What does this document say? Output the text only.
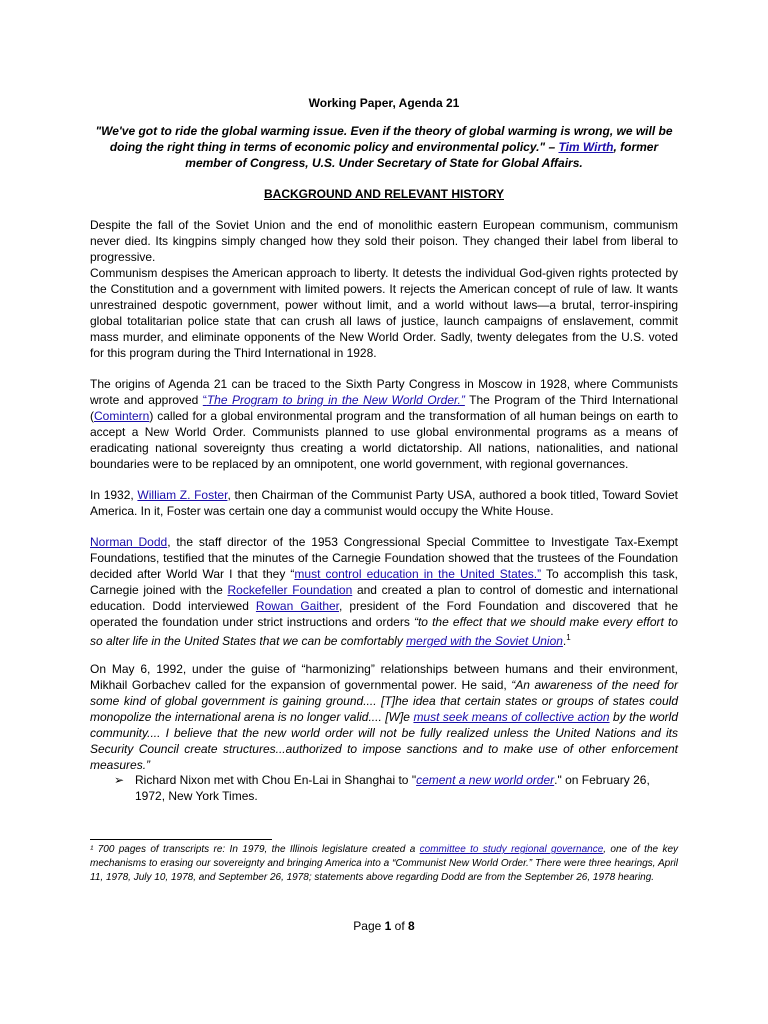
Working Paper, Agenda 21

"We've got to ride the global warming issue. Even if the theory of global warming is wrong, we will be doing the right thing in terms of economic policy and environmental policy." – Tim Wirth, former member of Congress, U.S. Under Secretary of State for Global Affairs.

BACKGROUND AND RELEVANT HISTORY

Despite the fall of the Soviet Union and the end of monolithic eastern European communism, communism never died. Its kingpins simply changed how they sold their poison. They changed their label from liberal to progressive.

Communism despises the American approach to liberty. It detests the individual God-given rights protected by the Constitution and a government with limited powers. It rejects the American concept of rule of law. It wants unrestrained despotic government, power without limit, and a world without laws—a brutal, terror-inspiring global totalitarian police state that can crush all laws of justice, launch campaigns of enslavement, commit mass murder, and eliminate opponents of the New World Order. Sadly, twenty delegates from the U.S. voted for this program during the Third International in 1928.

The origins of Agenda 21 can be traced to the Sixth Party Congress in Moscow in 1928, where Communists wrote and approved “The Program to bring in the New World Order.” The Program of the Third International (Comintern) called for a global environmental program and the transformation of all human beings on earth to accept a New World Order. Communists planned to use global environmental programs as a means of eradicating national sovereignty thus creating a world dictatorship. All nations, nationalities, and national boundaries were to be replaced by an omnipotent, one world government, with regional governances.

In 1932, William Z. Foster, then Chairman of the Communist Party USA, authored a book titled, Toward Soviet America. In it, Foster was certain one day a communist would occupy the White House.

Norman Dodd, the staff director of the 1953 Congressional Special Committee to Investigate Tax-Exempt Foundations, testified that the minutes of the Carnegie Foundation showed that the trustees of the Foundation decided after World War I that they “must control education in the United States.” To accomplish this task, Carnegie joined with the Rockefeller Foundation and created a plan to control of domestic and international education. Dodd interviewed Rowan Gaither, president of the Ford Foundation and discovered that he operated the foundation under strict instructions and orders “to the effect that we should make every effort to so alter life in the United States that we can be comfortably merged with the Soviet Union.$^1$

On May 6, 1992, under the guise of “harmonizing” relationships between humans and their environment, Mikhail Gorbachev called for the expansion of governmental power. He said, “An awareness of the need for some kind of global government is gaining ground.... [T]he idea that certain states or groups of states could monopolize the international arena is no longer valid.... [W]e must seek means of collective action by the world community.... I believe that the new world order will not be fully realized unless the United Nations and its Security Council create structures...authorized to impose sanctions and to make use of other enforcement measures.”

➢ Richard Nixon met with Chou En-Lai in Shanghai to "cement a new world order." on February 26, 1972, New York Times.

¹ 700 pages of transcripts re: In 1979, the Illinois legislature created a committee to study regional governance, one of the key mechanisms to erasing our sovereignty and bringing America into a “Communist New World Order.” There were three hearings, April 11, 1978, July 10, 1978, and September 26, 1978; statements above regarding Dodd are from the September 26, 1978 hearing.

Page 1 of 8
